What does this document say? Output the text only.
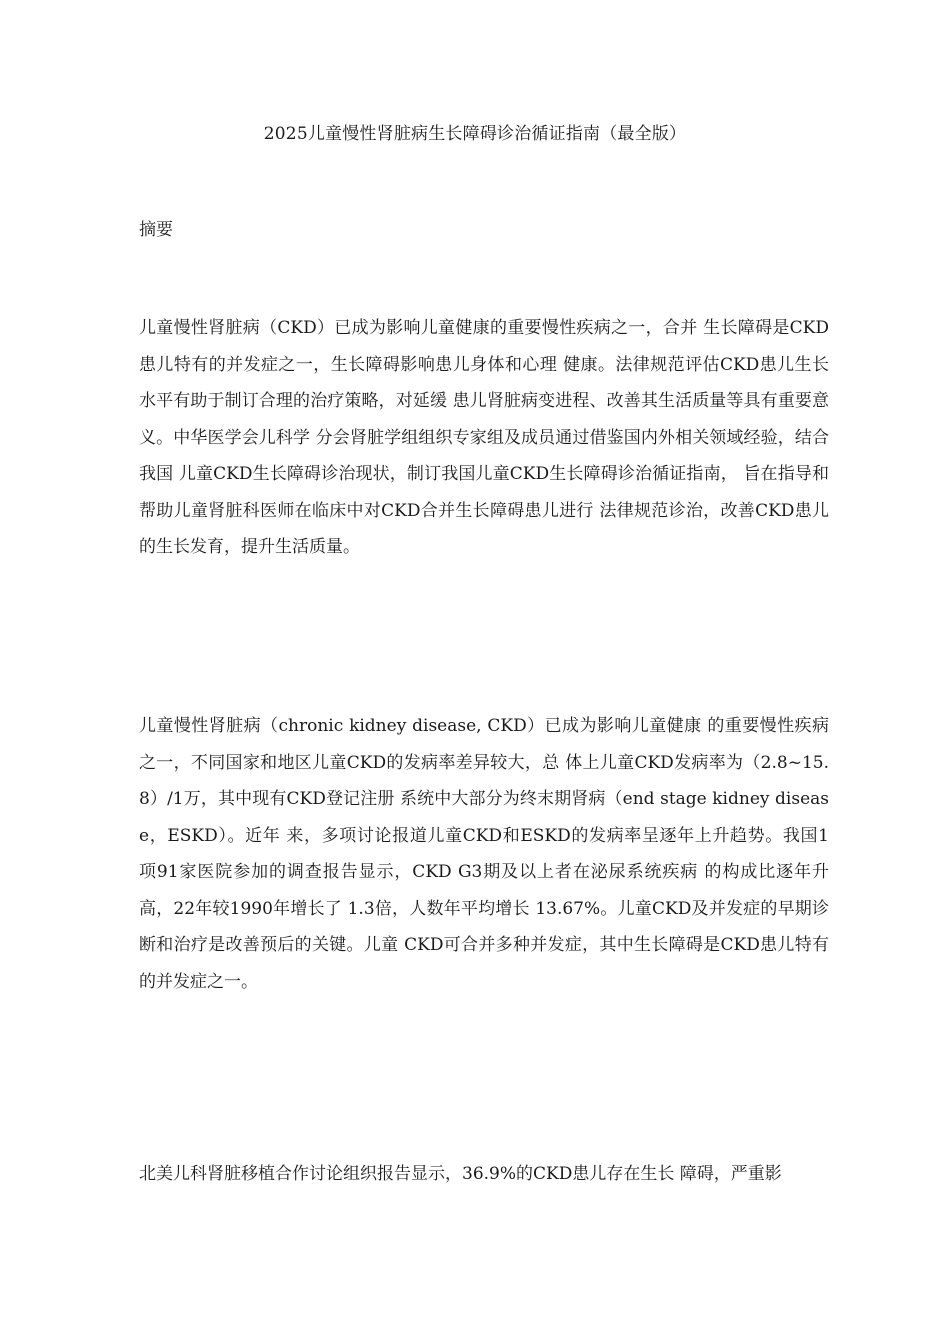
2025儿童慢性肾脏病生长障碍诊治循证指南（最全版）
摘要

儿童慢性肾脏病（CKD）已成为影响儿童健康的重要慢性疾病之一，合并 生长障碍是CKD患儿特有的并发症之一，生长障碍影响患儿身体和心理 健康。法律规范评估CKD患儿生长水平有助于制订合理的治疗策略，对延缓 患儿肾脏病变进程、改善其生活质量等具有重要意义。中华医学会儿科学 分会肾脏学组组织专家组及成员通过借鉴国内外相关领域经验，结合我国 儿童CKD生长障碍诊治现状，制订我国儿童CKD生长障碍诊治循证指南， 旨在指导和帮助儿童肾脏科医师在临床中对CKD合并生长障碍患儿进行 法律规范诊治，改善CKD患儿的生长发育，提升生活质量。

儿童慢性肾脏病（chronic kidney disease, CKD）已成为影响儿童健康 的重要慢性疾病之一，不同国家和地区儿童CKD的发病率差异较大，总 体上儿童CKD发病率为（2.8~15.8）/1万，其中现有CKD登记注册 系统中大部分为终末期肾病（end stage kidney disease，ESKD）。近年 来，多项讨论报道儿童CKD和ESKD的发病率呈逐年上升趋势。我国1 项91家医院参加的调查报告显示，CKD G3期及以上者在泌尿系统疾病 的构成比逐年升高，22年较1990年增长了 1.3倍，人数年平均增长 13.67%。儿童CKD及并发症的早期诊断和治疗是改善预后的关键。儿童 CKD可合并多种并发症，其中生长障碍是CKD患儿特有的并发症之一。

北美儿科肾脏移植合作讨论组织报告显示，36.9%的CKD患儿存在生长 障碍，严重影
